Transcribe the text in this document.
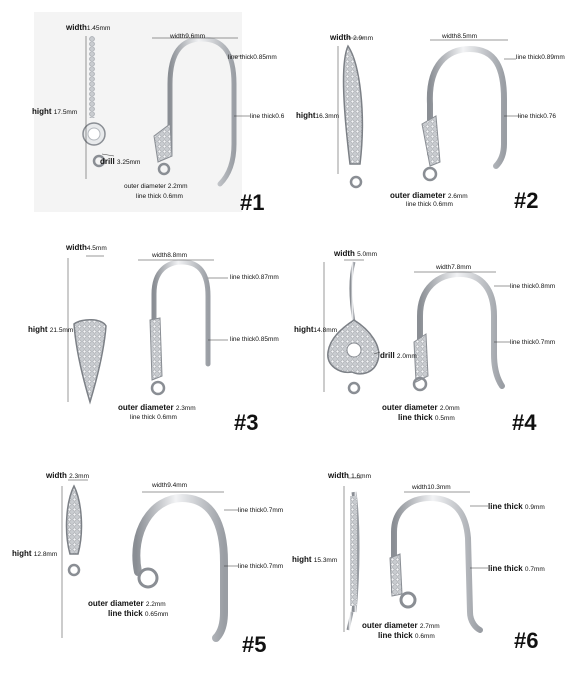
width1.45mm
hight 17.5mm
width9.6mm
line thick0.85mm
line thick0.6
drill 3.25mm
outer diameter 2.2mm
line thick 0.6mm	#1
width 2.9mm
hight16.3mm
width8.5mm
line thick0.89mm
line thick0.76
outer diameter 2.6mm
line thick 0.6mm	#2
width4.5mm
hight 21.5mm
width8.8mm
line thick0.87mm
line thick0.85mm
outer diameter 2.3mm
line thick 0.6mm	#3
width 5.0mm
hight14.8mm
width7.8mm
line thick0.8mm
line thick0.7mm
drill 2.0mm
outer diameter 2.0mm
line thick 0.5mm	#4
width 2.3mm
hight 12.8mm
width9.4mm
line thick0.7mm
line thick0.7mm
outer diameter 2.2mm
line thick 0.65mm
#5
width 1.6mm
hight 15.3mm
width10.3mm
line thick 0.9mm
line thick 0.7mm
outer diameter 2.7mm
line thick 0.6mm	#6
